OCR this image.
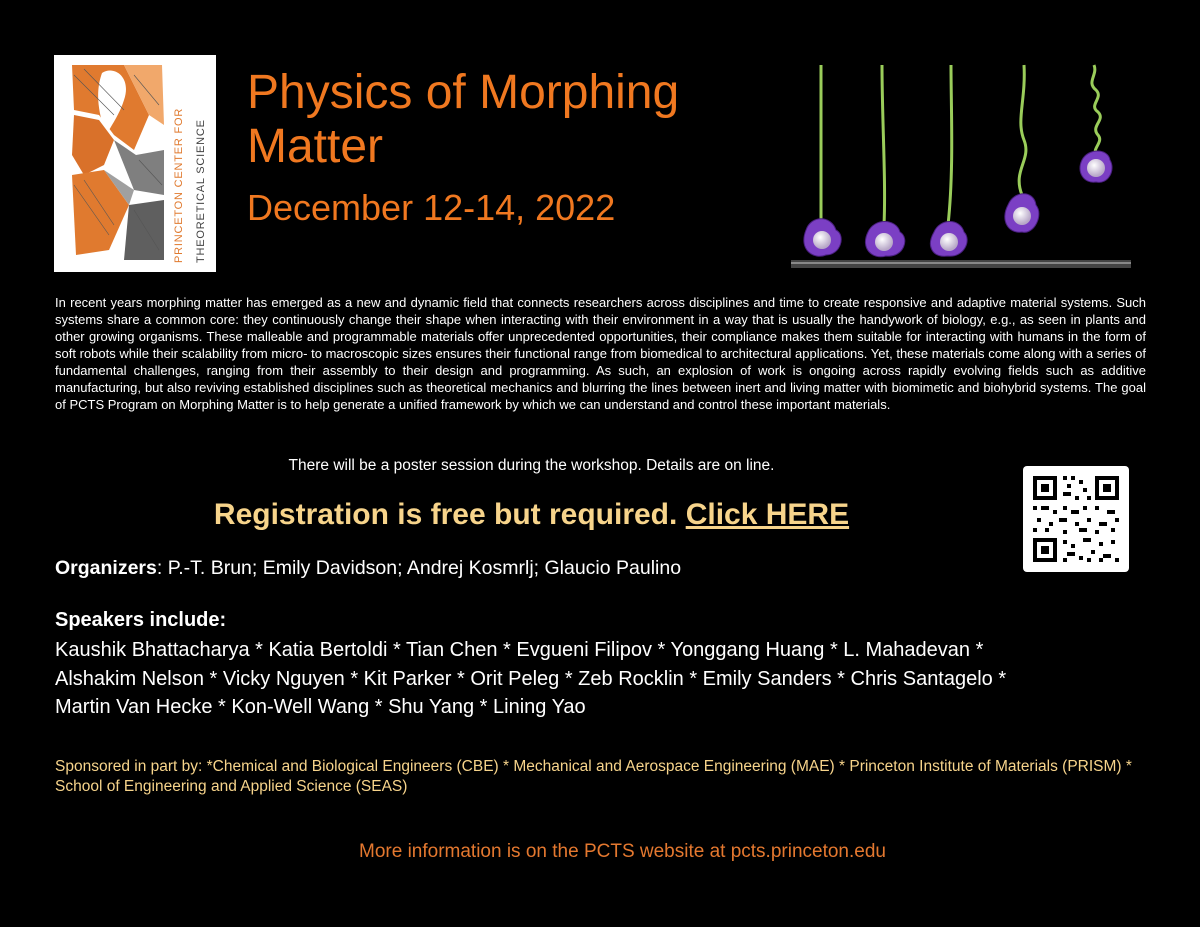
PRINCETON CENTER FOR THEORETICAL SCIENCE
Physics of Morphing Matter
December 12-14, 2022

In recent years morphing matter has emerged as a new and dynamic field that connects researchers across disciplines and time to create responsive and adaptive material systems. Such systems share a common core: they continuously change their shape when interacting with their environment in a way that is usually the handywork of biology, e.g., as seen in plants and other growing organisms. These malleable and programmable materials offer unprecedented opportunities, their compliance makes them suitable for interacting with humans in the form of soft robots while their scalability from micro- to macroscopic sizes ensures their functional range from biomedical to architectural applications. Yet, these materials come along with a series of fundamental challenges, ranging from their assembly to their design and programming. As such, an explosion of work is ongoing across rapidly evolving fields such as additive manufacturing, but also reviving established disciplines such as theoretical mechanics and blurring the lines between inert and living matter with biomimetic and biohybrid systems. The goal of PCTS Program on Morphing Matter is to help generate a unified framework by which we can understand and control these important materials.

There will be a poster session during the workshop. Details are on line.
Registration is free but required. Click HERE
Organizers: P.-T. Brun; Emily Davidson; Andrej Kosmrlj; Glaucio Paulino
Speakers include:

Kaushik Bhattacharya * Katia Bertoldi * Tian Chen * Evgueni Filipov * Yonggang Huang * L. Mahadevan * Alshakim Nelson * Vicky Nguyen * Kit Parker * Orit Peleg * Zeb Rocklin * Emily Sanders * Chris Santagelo * Martin Van Hecke * Kon-Well Wang * Shu Yang * Lining Yao

Sponsored in part by: *Chemical and Biological Engineers (CBE) * Mechanical and Aerospace Engineering (MAE) * Princeton Institute of Materials (PRISM) * School of Engineering and Applied Science (SEAS)

More information is on the PCTS website at pcts.princeton.edu
